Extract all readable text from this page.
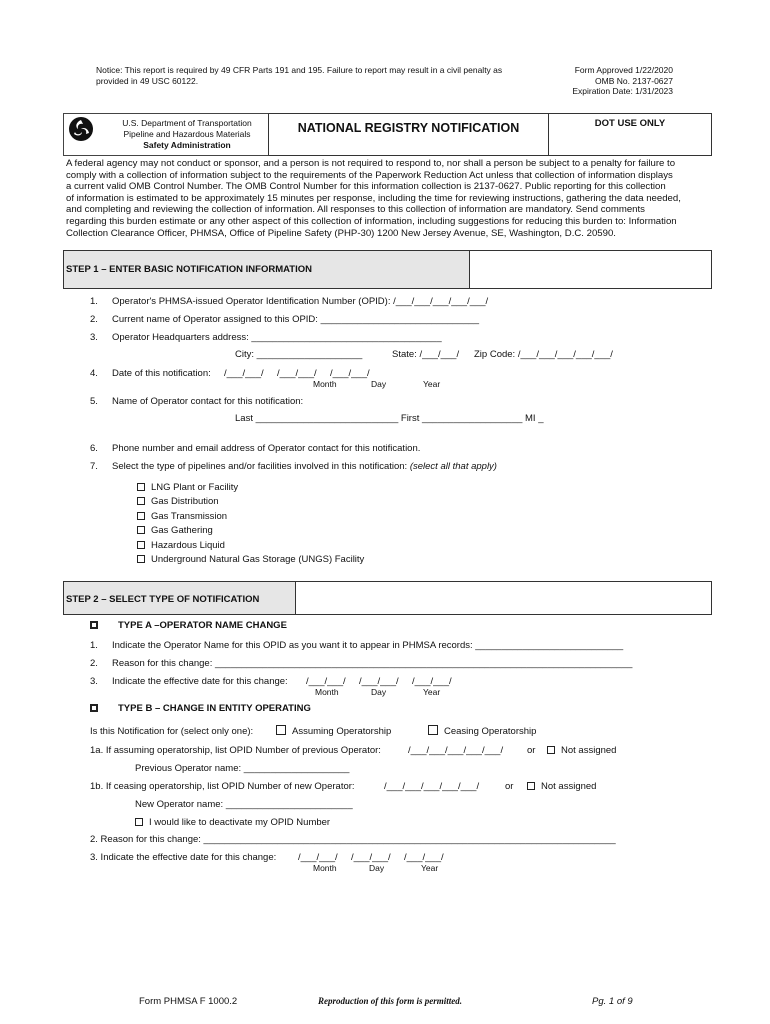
Notice: This report is required by 49 CFR Parts 191 and 195. Failure to report may result in a civil penalty as
provided in 49 USC 60122.
Form Approved 1/22/2020
OMB No. 2137-0627
Expiration Date: 1/31/2023
U.S. Department of Transportation
Pipeline and Hazardous Materials
Safety Administration
NATIONAL REGISTRY NOTIFICATION	DOT USE ONLY
A federal agency may not conduct or sponsor, and a person is not required to respond to, nor shall a person be subject to a penalty for failure to
comply with a collection of information subject to the requirements of the Paperwork Reduction Act unless that collection of information displays
a current valid OMB Control Number. The OMB Control Number for this information collection is 2137-0627. Public reporting for this collection
of information is estimated to be approximately 15 minutes per response, including the time for reviewing instructions, gathering the data needed,
and completing and reviewing the collection of information. All responses to this collection of information are mandatory. Send comments
regarding this burden estimate or any other aspect of this collection of information, including suggestions for reducing this burden to: Information
Collection Clearance Officer, PHMSA, Office of Pipeline Safety (PHP-30) 1200 New Jersey Avenue, SE, Washington, D.C. 20590.
STEP 1 – ENTER BASIC NOTIFICATION INFORMATION
1. Operator's PHMSA-issued Operator Identification Number (OPID): /___/___/___/___/___/
2. Current name of Operator assigned to this OPID: ______________________________
3. Operator Headquarters address: ____________________________________
City: ____________________	State: /___/___/ Zip Code: /___/___/___/___/___/
4. Date of this notification: /___/___/ /___/___/ /___/___/
Month	Day	Year
5. Name of Operator contact for this notification:
Last ___________________________ First ___________________ MI _
6. Phone number and email address of Operator contact for this notification.
7. Select the type of pipelines and/or facilities involved in this notification: (select all that apply)
LNG Plant or Facility
Gas Distribution
Gas Transmission
Gas Gathering
Hazardous Liquid
Underground Natural Gas Storage (UNGS) Facility
STEP 2 – SELECT TYPE OF NOTIFICATION
TYPE A –OPERATOR NAME CHANGE
1. Indicate the Operator Name for this OPID as you want it to appear in PHMSA records: ____________________________
2. Reason for this change: _______________________________________________________________________________
3. Indicate the effective date for this change: /___/___/ /___/___/ /___/___/
Month	Day	Year
TYPE B – CHANGE IN ENTITY OPERATING
Is this Notification for (select only one):	Assuming Operatorship	Ceasing Operatorship
1a. If assuming operatorship, list OPID Number of previous Operator:	/___/___/___/___/___/	or	Not assigned
Previous Operator name: ____________________
1b. If ceasing operatorship, list OPID Number of new Operator:	/___/___/___/___/___/	or	Not assigned
New Operator name: ________________________
I would like to deactivate my OPID Number
2. Reason for this change: ______________________________________________________________________________
3. Indicate the effective date for this change: /___/___/ /___/___/ /___/___/
Month	Day	Year
Form PHMSA F 1000.2	Reproduction of this form is permitted.	Pg. 1 of 9
